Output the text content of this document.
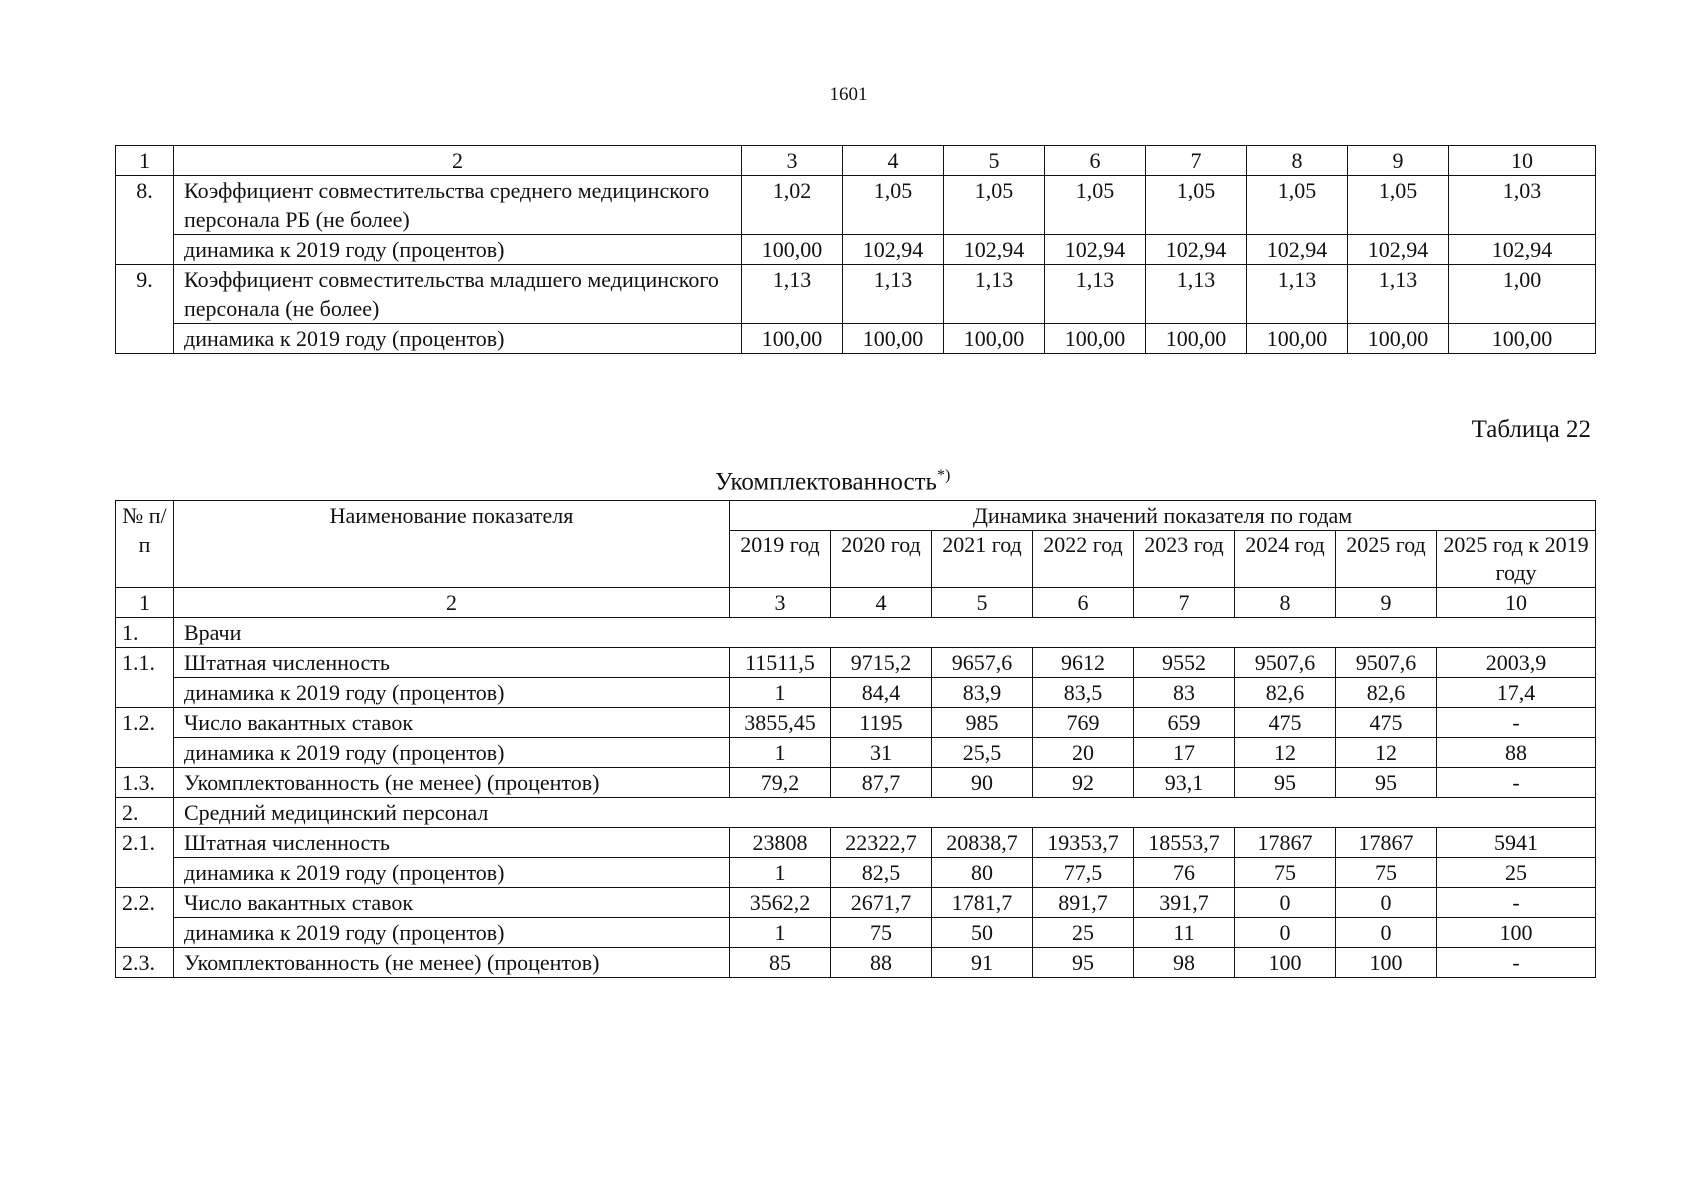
1601
1	2	3	4	5	6	7	8	9	10
8.	Коэффициент совместительства среднего медицинского персонала РБ (не более)	1,02	1,05	1,05	1,05	1,05	1,05	1,05	1,03
	динамика к 2019 году (процентов)	100,00	102,94	102,94	102,94	102,94	102,94	102,94	102,94
9.	Коэффициент совместительства младшего медицинского персонала (не более)	1,13	1,13	1,13	1,13	1,13	1,13	1,13	1,00
	динамика к 2019 году (процентов)	100,00	100,00	100,00	100,00	100,00	100,00	100,00	100,00
Таблица 22
Укомплектованность*)
№ п/п	Наименование показателя	Динамика значений показателя по годам							
		2019 год	2020 год	2021 год	2022 год	2023 год	2024 год	2025 год	2025 год к 2019 году
1	2	3	4	5	6	7	8	9	10
1.	Врачи								
1.1.	Штатная численность	11511,5	9715,2	9657,6	9612	9552	9507,6	9507,6	2003,9
	динамика к 2019 году (процентов)	1	84,4	83,9	83,5	83	82,6	82,6	17,4
1.2.	Число вакантных ставок	3855,45	1195	985	769	659	475	475	-
	динамика к 2019 году (процентов)	1	31	25,5	20	17	12	12	88
1.3.	Укомплектованность (не менее) (процентов)	79,2	87,7	90	92	93,1	95	95	-
2.	Средний медицинский персонал								
2.1.	Штатная численность	23808	22322,7	20838,7	19353,7	18553,7	17867	17867	5941
	динамика к 2019 году (процентов)	1	82,5	80	77,5	76	75	75	25
2.2.	Число вакантных ставок	3562,2	2671,7	1781,7	891,7	391,7	0	0	-
	динамика к 2019 году (процентов)	1	75	50	25	11	0	0	100
2.3.	Укомплектованность (не менее) (процентов)	85	88	91	95	98	100	100	-
